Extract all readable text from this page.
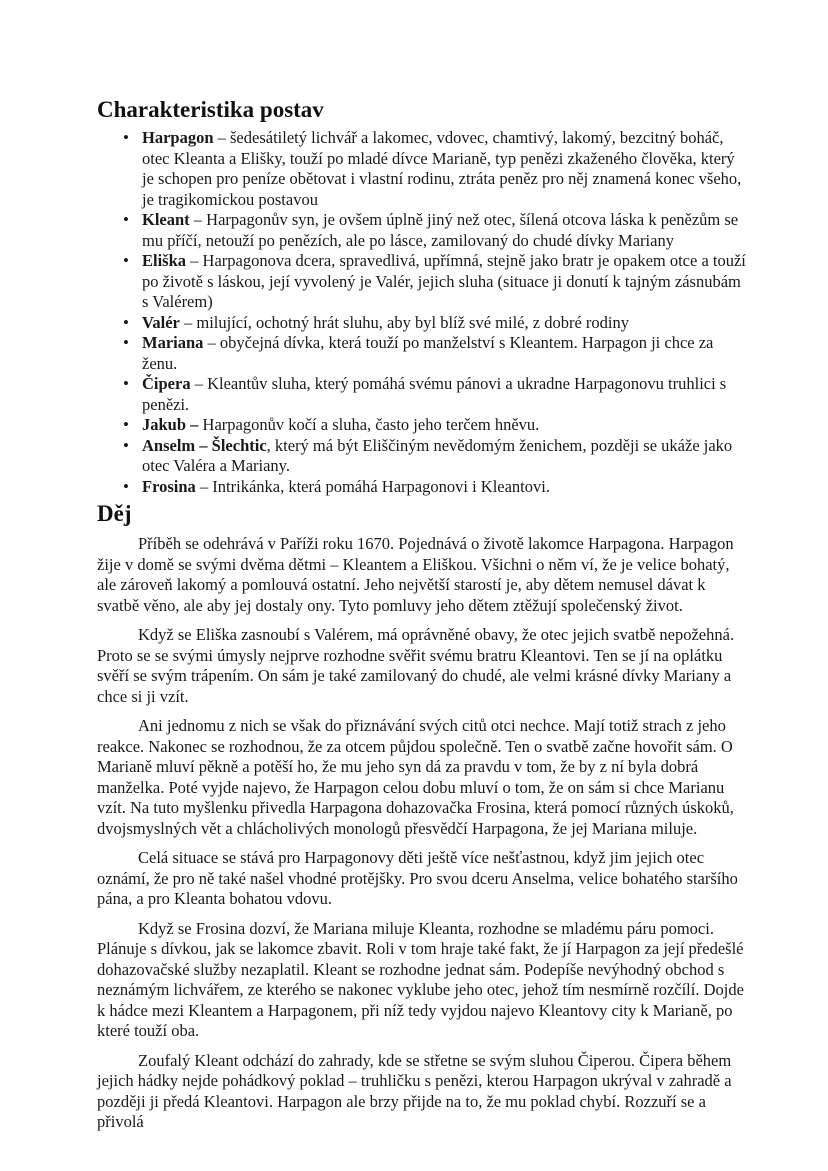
Charakteristika postav
• Harpagon – šedesátiletý lichvář a lakomec, vdovec, chamtivý, lakomý, bezcitný boháč, otec Kleanta a Elišky, touží po mladé dívce Marianě, typ penězi zkaženého člověka, který je schopen pro peníze obětovat i vlastní rodinu, ztráta peněz pro něj znamená konec všeho, je tragikomickou postavou
• Kleant – Harpagonův syn, je ovšem úplně jiný než otec, šílená otcova láska k penězům se mu příčí, netouží po penězích, ale po lásce, zamilovaný do chudé dívky Mariany
• Eliška – Harpagonova dcera, spravedlivá, upřímná, stejně jako bratr je opakem otce a touží po životě s láskou, její vyvolený je Valér, jejich sluha (situace ji donutí k tajným zásnubám s Valérem)
• Valér – milující, ochotný hrát sluhu, aby byl blíž své milé, z dobré rodiny
• Mariana – obyčejná dívka, která touží po manželství s Kleantem. Harpagon ji chce za ženu.
• Čipera – Kleantův sluha, který pomáhá svému pánovi a ukradne Harpagonovu truhlici s penězi.
• Jakub – Harpagonův kočí a sluha, často jeho terčem hněvu.
• Anselm – Šlechtic, který má být Eliščiným nevědomým ženichem, později se ukáže jako otec Valéra a Mariany.
• Frosina – Intrikánka, která pomáhá Harpagonovi i Kleantovi.
Děj

Příběh se odehrává v Paříži roku 1670. Pojednává o životě lakomce Harpagona. Harpagon žije v domě se svými dvěma dětmi – Kleantem a Eliškou. Všichni o něm ví, že je velice bohatý, ale zároveň lakomý a pomlouvá ostatní. Jeho největší starostí je, aby dětem nemusel dávat k svatbě věno, ale aby jej dostaly ony. Tyto pomluvy jeho dětem ztěžují společenský život.

Když se Eliška zasnoubí s Valérem, má oprávněné obavy, že otec jejich svatbě nepožehná. Proto se se svými úmysly nejprve rozhodne svěřit svému bratru Kleantovi. Ten se jí na oplátku svěří se svým trápením. On sám je také zamilovaný do chudé, ale velmi krásné dívky Mariany a chce si ji vzít.

Ani jednomu z nich se však do přiznávání svých citů otci nechce. Mají totiž strach z jeho reakce. Nakonec se rozhodnou, že za otcem půjdou společně. Ten o svatbě začne hovořit sám. O Marianě mluví pěkně a potěší ho, že mu jeho syn dá za pravdu v tom, že by z ní byla dobrá manželka. Poté vyjde najevo, že Harpagon celou dobu mluví o tom, že on sám si chce Marianu vzít. Na tuto myšlenku přivedla Harpagona dohazovačka Frosina, která pomocí různých úskoků, dvojsmyslných vět a chlácholivých monologů přesvědčí Harpagona, že jej Mariana miluje.

Celá situace se stává pro Harpagonovy děti ještě více nešťastnou, když jim jejich otec oznámí, že pro ně také našel vhodné protějšky. Pro svou dceru Anselma, velice bohatého staršího pána, a pro Kleanta bohatou vdovu.

Když se Frosina dozví, že Mariana miluje Kleanta, rozhodne se mladému páru pomoci. Plánuje s dívkou, jak se lakomce zbavit. Roli v tom hraje také fakt, že jí Harpagon za její předešlé dohazovačské služby nezaplatil. Kleant se rozhodne jednat sám. Podepíše nevýhodný obchod s neznámým lichvářem, ze kterého se nakonec vyklube jeho otec, jehož tím nesmírně rozčílí. Dojde k hádce mezi Kleantem a Harpagonem, při níž tedy vyjdou najevo Kleantovy city k Marianě, po které touží oba.

Zoufalý Kleant odchází do zahrady, kde se střetne se svým sluhou Čiperou. Čipera během jejich hádky nejde pohádkový poklad – truhličku s penězi, kterou Harpagon ukrýval v zahradě a později ji předá Kleantovi. Harpagon ale brzy přijde na to, že mu poklad chybí. Rozzuří se a přivolá
